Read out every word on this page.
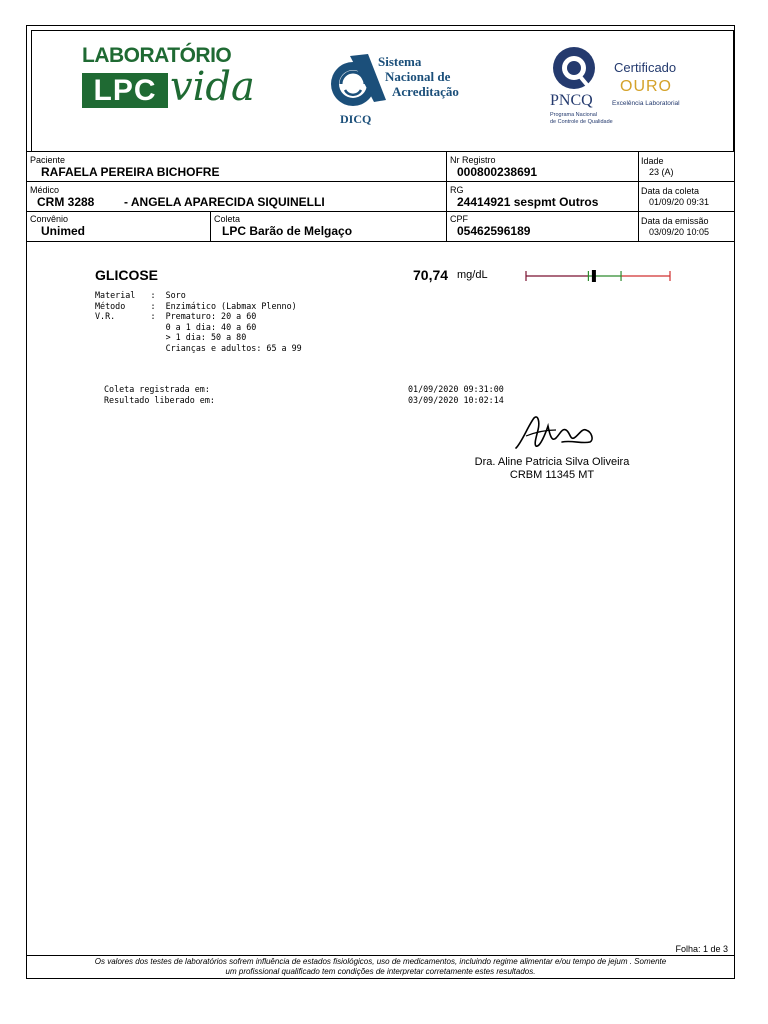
LABORATÓRIO
LPC vida
Sistema
Nacional de
Acreditação
DICQ
PNCQ
Programa Nacional
de Controle de Qualidade
Certificado
OURO
Excelência Laboratorial
Paciente
RAFAELA PEREIRA BICHOFRE
Nr Registro
000800238691
Idade
23 (A)
Médico
CRM 3288 - ANGELA APARECIDA SIQUINELLI
RG
24414921 sespmt Outros
Data da coleta
01/09/20 09:31
Convênio
Unimed
Coleta
LPC Barão de Melgaço
CPF
05462596189
Data da emissão
03/09/20 10:05
GLICOSE	70,74 mg/dL
Material   :  Soro
Método     :  Enzimático (Labmax Plenno)
V.R.       :  Prematuro: 20 a 60
0 a 1 dia: 40 a 60
> 1 dia: 50 a 80
Crianças e adultos: 65 a 99
Coleta registrada em:	01/09/2020 09:31:00
Resultado liberado em:	03/09/2020 10:02:14
Dra. Aline Patricia Silva Oliveira
CRBM 11345 MT
Folha: 1 de 3
Os valores dos testes de laboratórios sofrem influência de estados fisiológicos, uso de medicamentos, incluindo regime alimentar e/ou tempo de jejum . Somente
um profissional qualificado tem condições de interpretar corretamente estes resultados.
